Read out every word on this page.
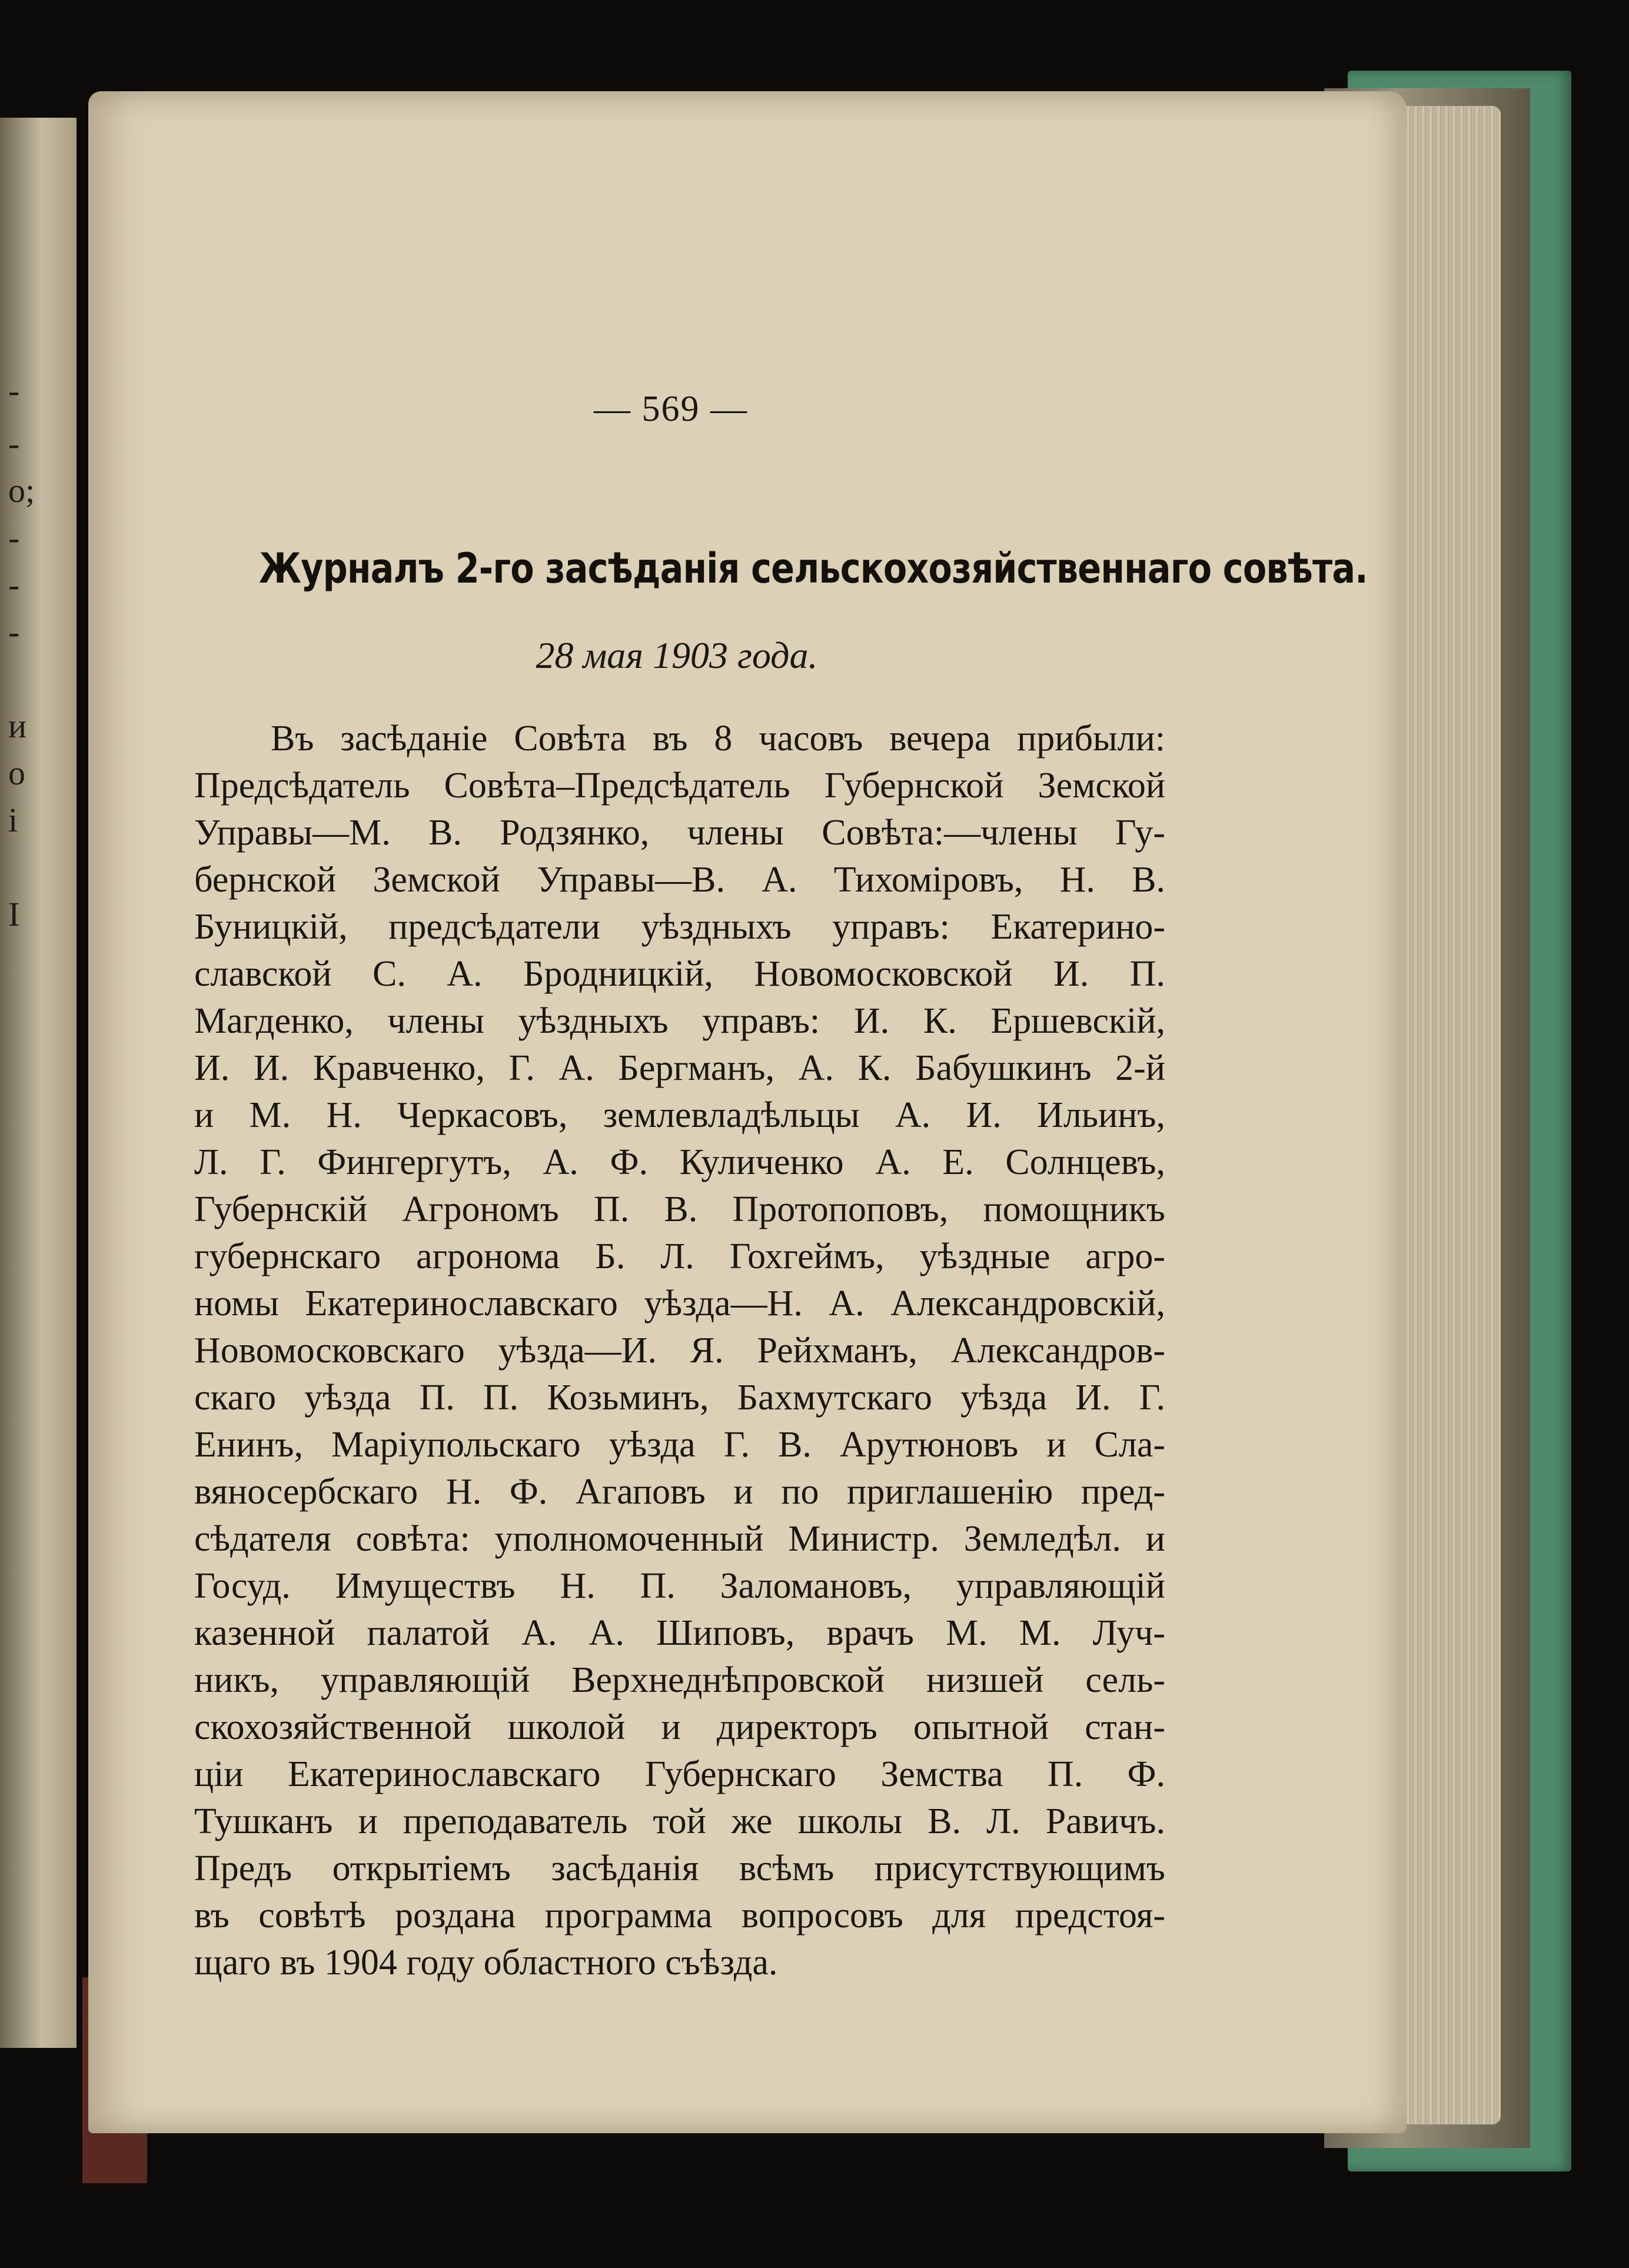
-
-
о;
-
-
-
и
о
і
І
— 569 —
Журналъ 2-го засѣданія сельскохозяйственнаго совѣта.
28 мая 1903 года.
Въ засѣданіе Совѣта въ 8 часовъ вечера прибыли:
Предсѣдатель Совѣта–Предсѣдатель Губернской Земской
Управы—М. В. Родзянко, члены Совѣта:—члены Гу-
бернской Земской Управы—В. А. Тихоміровъ, Н. В.
Буницкій, предсѣдатели уѣздныхъ управъ: Екатерино-
славской С. А. Бродницкій, Новомосковской И. П.
Магденко, члены уѣздныхъ управъ: И. К. Ершевскій,
И. И. Кравченко, Г. А. Бергманъ, А. К. Бабушкинъ 2-й
и М. Н. Черкасовъ, землевладѣльцы А. И. Ильинъ,
Л. Г. Фингергутъ, А. Ф. Куличенко А. Е. Солнцевъ,
Губернскій Агрономъ П. В. Протопоповъ, помощникъ
губернскаго агронома Б. Л. Гохгеймъ, уѣздные агро-
номы Екатеринославскаго уѣзда—Н. А. Александровскій,
Новомосковскаго уѣзда—И. Я. Рейхманъ, Александров-
скаго уѣзда П. П. Козьминъ, Бахмутскаго уѣзда И. Г.
Енинъ, Маріупольскаго уѣзда Г. В. Арутюновъ и Сла-
вяносербскаго Н. Ф. Агаповъ и по приглашенію пред-
сѣдателя совѣта: уполномоченный Министр. Земледѣл. и
Госуд. Имуществъ Н. П. Заломановъ, управляющій
казенной палатой А. А. Шиповъ, врачъ М. М. Луч-
никъ, управляющій Верхнеднѣпровской низшей сель-
скохозяйственной школой и директоръ опытной стан-
ціи Екатеринославскаго Губернскаго Земства П. Ф.
Тушканъ и преподаватель той же школы В. Л. Равичъ.
Предъ открытіемъ засѣданія всѣмъ присутствующимъ
въ совѣтѣ роздана программа вопросовъ для предстоя-
щаго въ 1904 году областного съѣзда.
